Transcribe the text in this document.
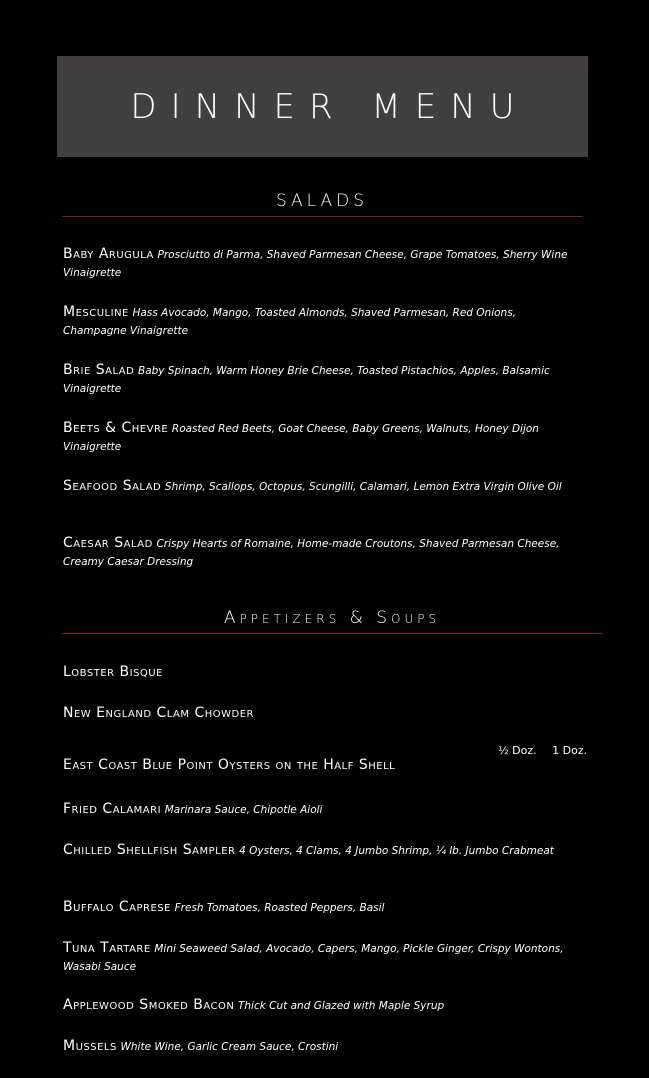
DINNER MENU
SALADS
Baby Arugula Prosciutto di Parma, Shaved Parmesan Cheese, Grape Tomatoes, Sherry Wine Vinaigrette
Mesculine Hass Avocado, Mango, Toasted Almonds, Shaved Parmesan, Red Onions, Champagne Vinaigrette
Brie Salad Baby Spinach, Warm Honey Brie Cheese, Toasted Pistachios, Apples, Balsamic Vinaigrette
Beets & Chevre Roasted Red Beets, Goat Cheese, Baby Greens, Walnuts, Honey Dijon Vinaigrette
Seafood Salad Shrimp, Scallops, Octopus, Scungilli, Calamari, Lemon Extra Virgin Olive Oil
Caesar Salad Crispy Hearts of Romaine, Home-made Croutons, Shaved Parmesan Cheese, Creamy Caesar Dressing
Appetizers & Soups
Lobster Bisque
New England Clam Chowder
½ Doz. 1 Doz.
East Coast Blue Point Oysters on the Half Shell
Fried Calamari Marinara Sauce, Chipotle Aioli
Chilled Shellfish Sampler 4 Oysters, 4 Clams, 4 Jumbo Shrimp, ¼ lb. Jumbo Crabmeat
Buffalo Caprese Fresh Tomatoes, Roasted Peppers, Basil
Tuna Tartare Mini Seaweed Salad, Avocado, Capers, Mango, Pickle Ginger, Crispy Wontons, Wasabi Sauce
Applewood Smoked Bacon Thick Cut and Glazed with Maple Syrup
Mussels White Wine, Garlic Cream Sauce, Crostini
